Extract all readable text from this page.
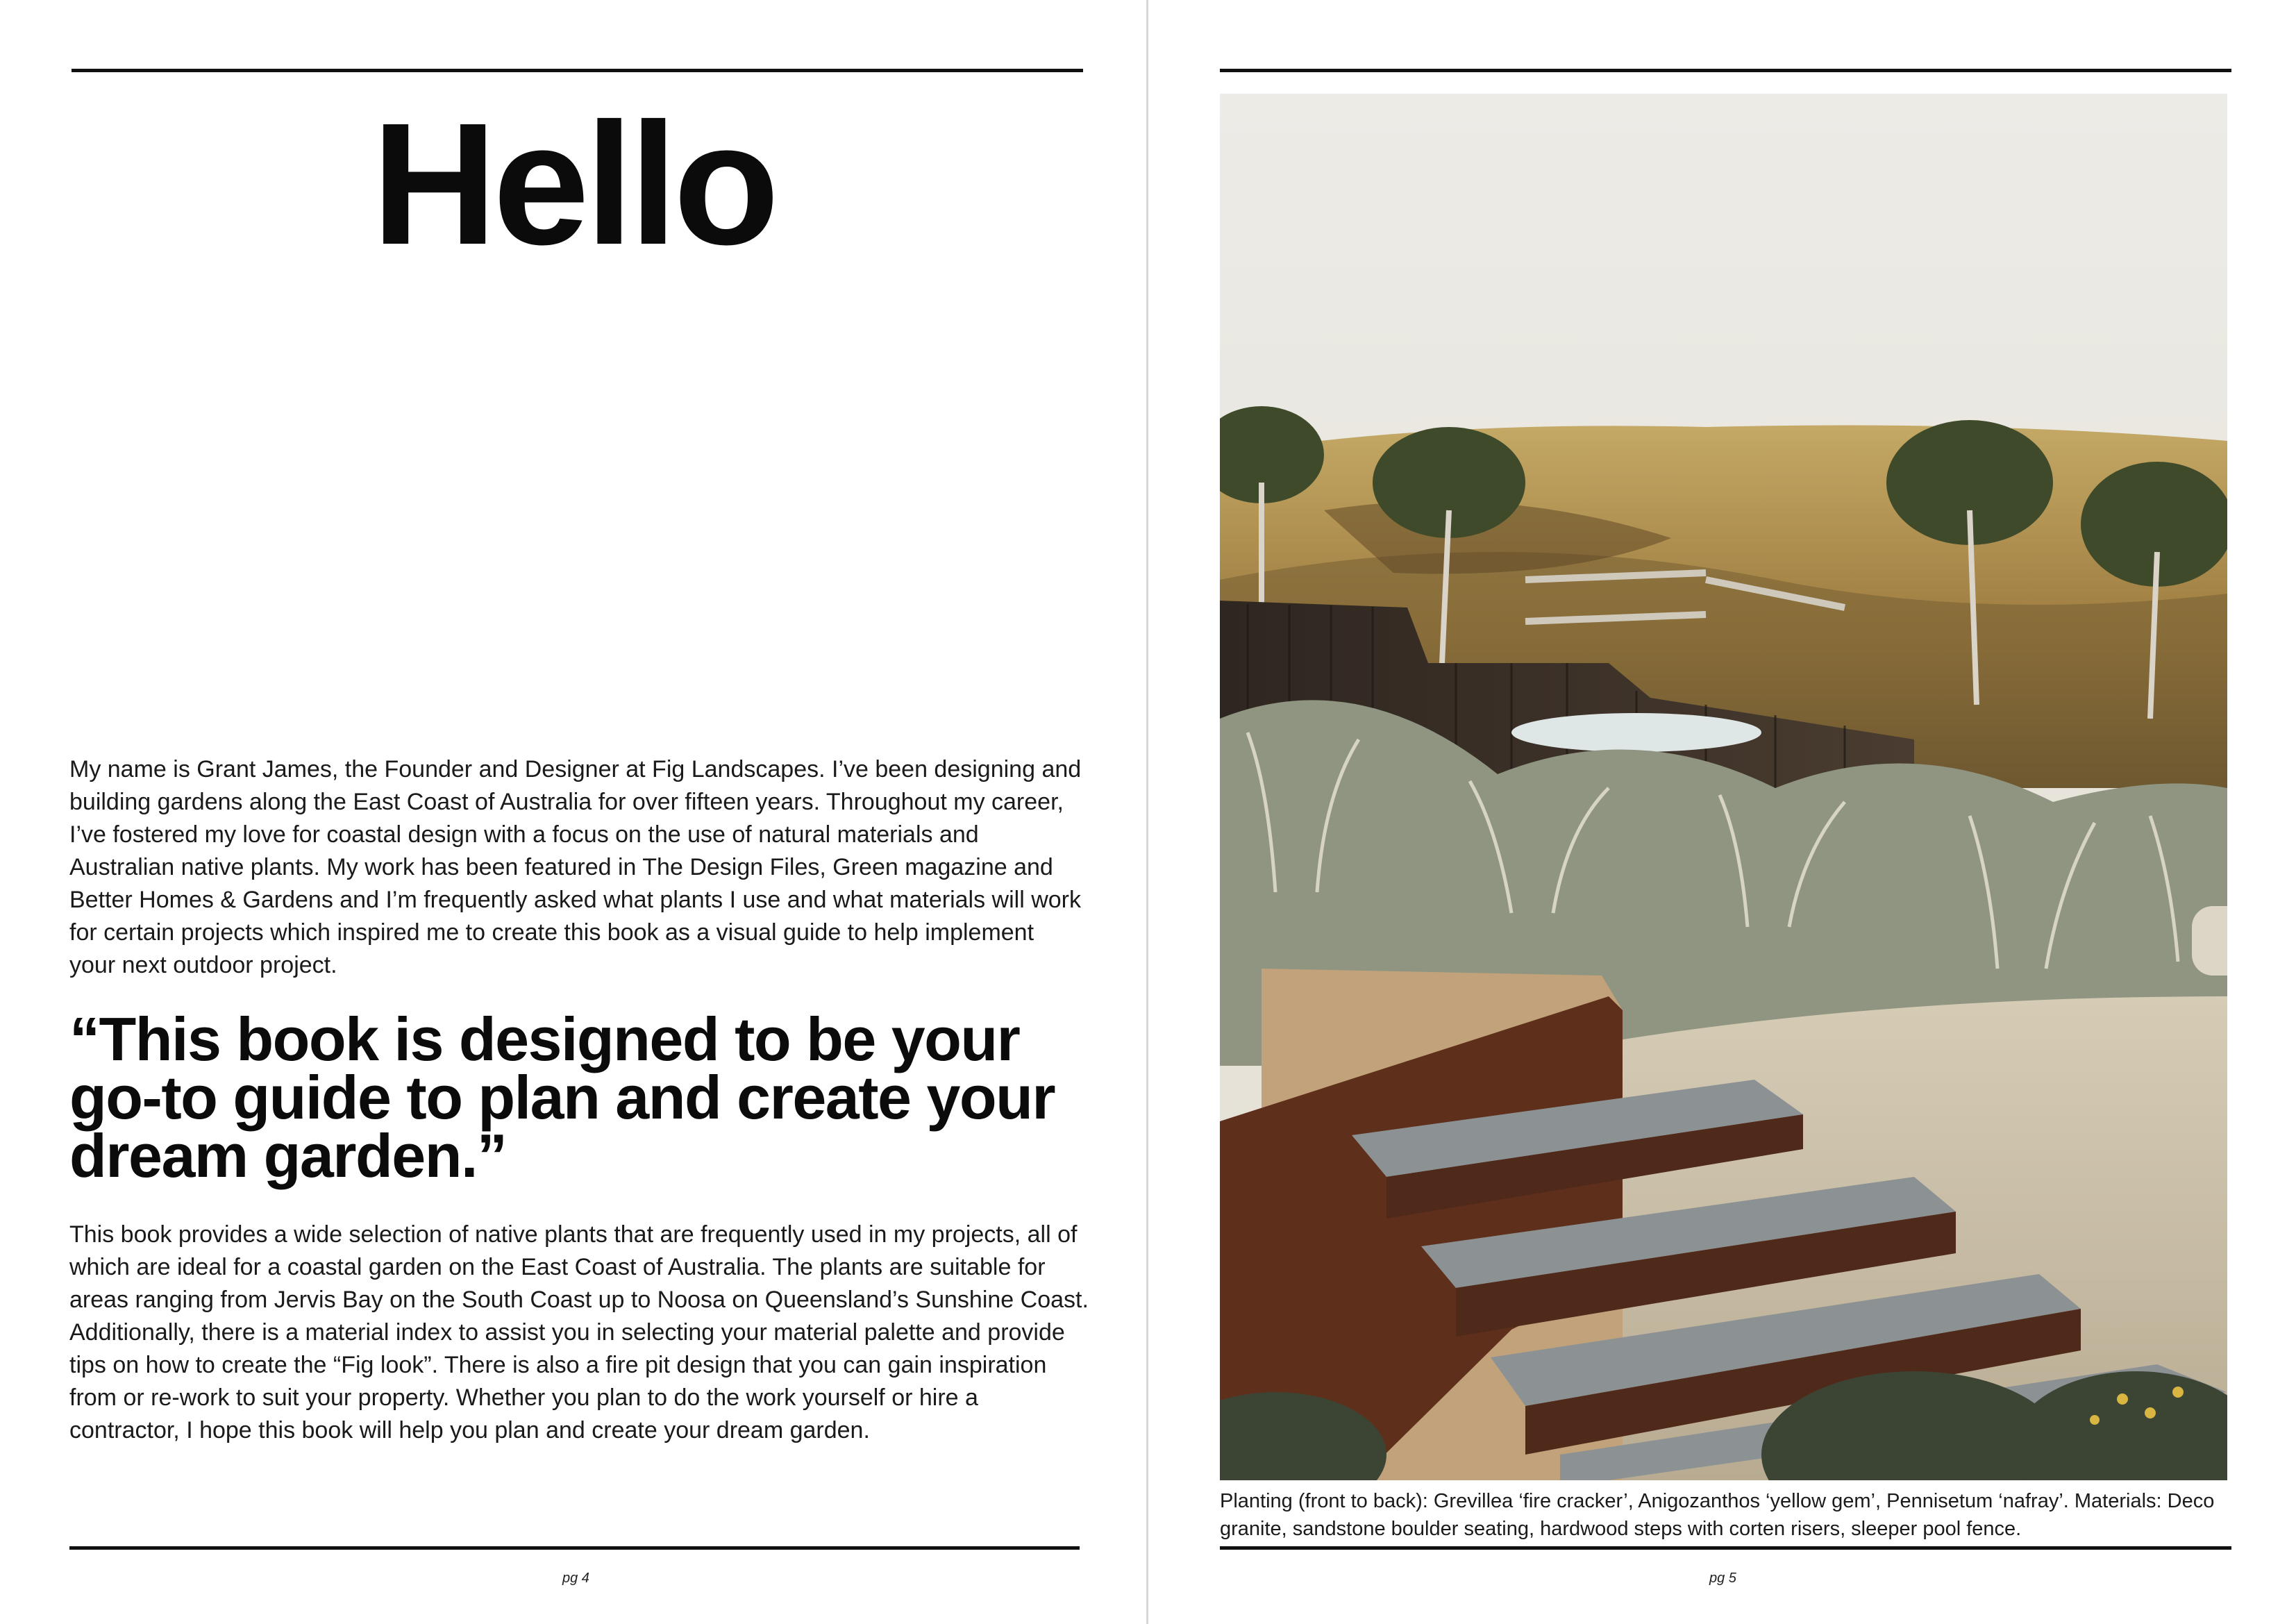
Hello

My name is Grant James, the Founder and Designer at Fig Landscapes. I’ve been designing and building gardens along the East Coast of Australia for over fifteen years. Throughout my career, I’ve fostered my love for coastal design with a focus on the use of natural materials and Australian native plants. My work has been featured in The Design Files, Green magazine and Better Homes & Gardens and I’m frequently asked what plants I use and what materials will work for certain projects which inspired me to create this book as a visual guide to help implement your next outdoor project.

“This book is designed to be your go-to guide to plan and create your dream garden.”

This book provides a wide selection of native plants that are frequently used in my projects, all of which are ideal for a coastal garden on the East Coast of Australia. The plants are suitable for areas ranging from Jervis Bay on the South Coast up to Noosa on Queensland’s Sunshine Coast. Additionally, there is a material index to assist you in selecting your material palette and provide tips on how to create the “Fig look”. There is also a fire pit design that you can gain inspiration from or re-work to suit your property. Whether you plan to do the work yourself or hire a contractor, I hope this book will help you plan and create your dream garden.

pg 4

Planting (front to back): Grevillea ‘fire cracker’, Anigozanthos ‘yellow gem’, Pennisetum ‘nafray’. Materials: Deco granite, sandstone boulder seating, hardwood steps with corten risers, sleeper pool fence.

pg 5
